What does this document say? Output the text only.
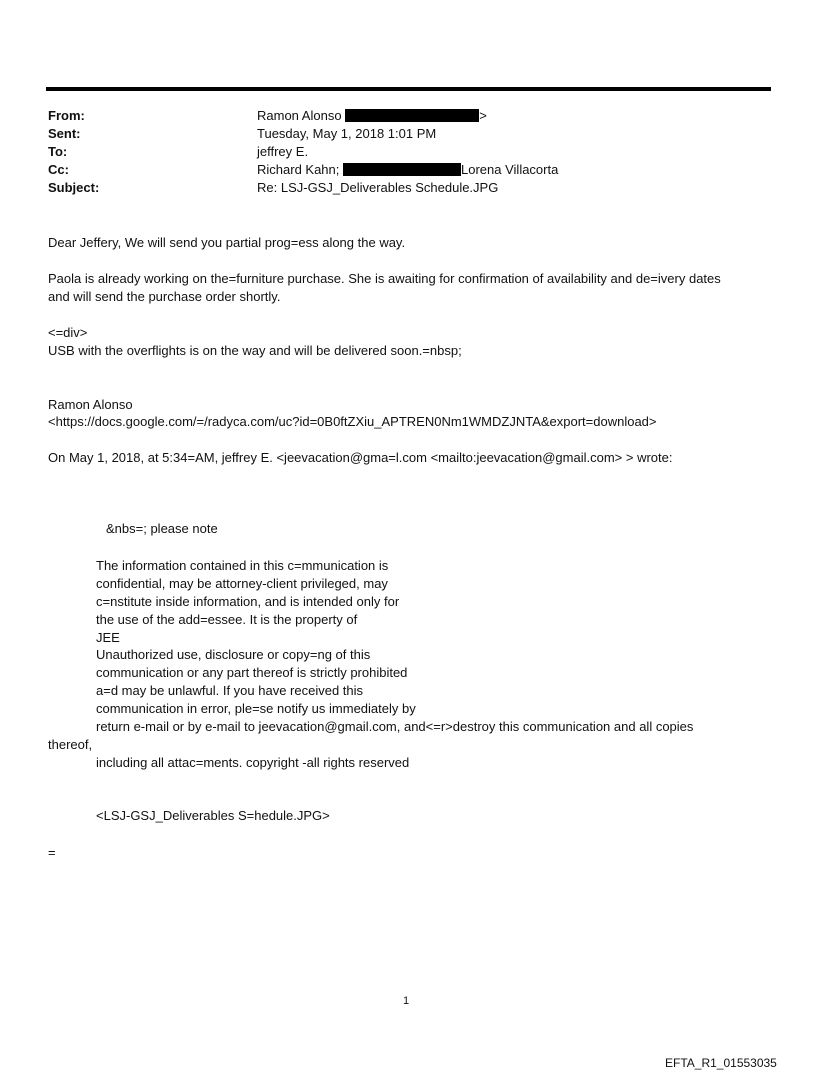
From:
Sent:
To:
Cc:
Subject:
Ramon Alonso	>
Tuesday, May 1, 2018 1:01 PM
jeffrey E.
Richard Kahn;	Lorena Villacorta
Re: LSJ-GSJ_Deliverables Schedule.JPG
Dear Jeffery, We will send you partial prog=ess along the way.
Paola is already working on the=furniture purchase. She is awaiting for confirmation of availability and de=ivery dates
and will send the purchase order shortly.
<=div>
USB with the overflights is on the way and will be delivered soon.=nbsp;
Ramon Alonso
<https://docs.google.com/=/radyca.com/uc?id=0B0ftZXiu_APTREN0Nm1WMDZJNTA&export=download>
On May 1, 2018, at 5:34=AM, jeffrey E. <jeevacation@gma=l.com <mailto:jeevacation@gmail.com> > wrote:
&nbs=; please note
The information contained in this c=mmunication is
confidential, may be attorney-client privileged, may
c=nstitute inside information, and is intended only for
the use of the add=essee. It is the property of
JEE
Unauthorized use, disclosure or copy=ng of this
communication or any part thereof is strictly prohibited
a=d may be unlawful. If you have received this
communication in error, ple=se notify us immediately by
return e-mail or by e-mail to jeevacation@gmail.com, and<=r>destroy this communication and all copies
thereof,
including all attac=ments. copyright -all rights reserved
<LSJ-GSJ_Deliverables S=hedule.JPG>
=
1
EFTA_R1_01553035
